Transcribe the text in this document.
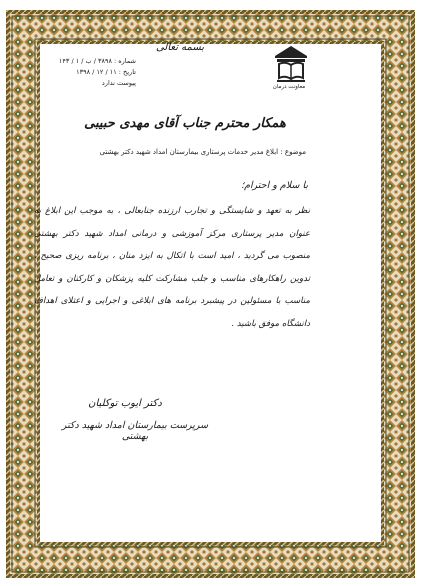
بسمه تعالی
شماره : ۳۸۹۸ / ب / ۱ / ۱۴۳
تاریخ : ۱۱ / ۱۲ / ۱۳۹۸
پیوست ندارد	معاونت درمان
همکار محترم جناب آقای مهدی حبیبی
موضوع : ابلاغ مدیر خدمات پرستاری بیمارستان امداد شهید دکتر بهشتی
با سلام و احترام؛

نظر به تعهد و شایستگی و تجارب ارزنده جنابعالی ، به موجب این ابلاغ به عنوان مدیر پرستاری مرکز آموزشی و درمانی امداد شهید دکتر بهشتی منصوب می گردید ، امید است با اتکال به ایزد منان ، برنامه ریزی صحیح ، تدوین راهکارهای مناسب و جلب مشارکت کلیه پزشکان و کارکنان و تعامل مناسب با مسئولین در پیشبرد برنامه های ابلاغی و اجرایی و اعتلای اهداف دانشگاه موفق باشید .

دکتر ایوب توکلیان
سرپرست بیمارستان امداد شهید دکتر بهشتی
